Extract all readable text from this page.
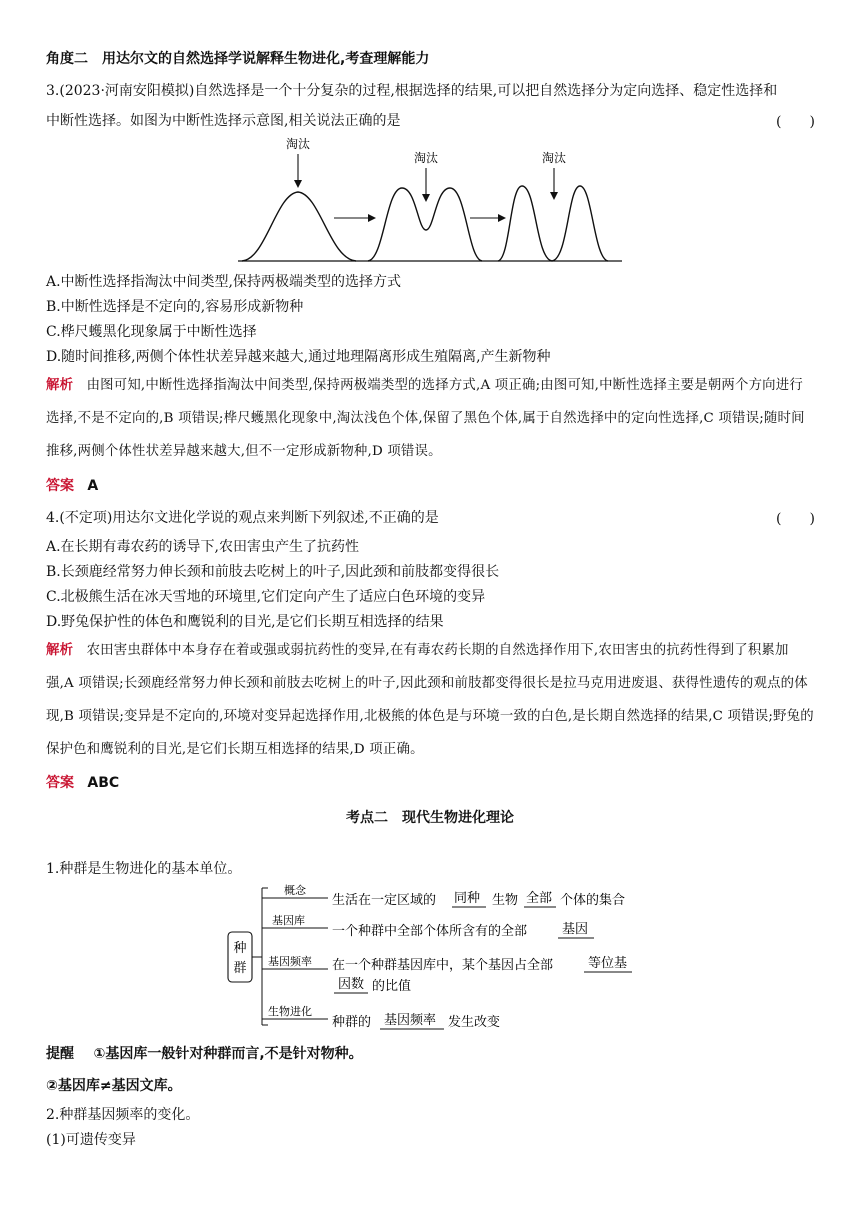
角度二　用达尔文的自然选择学说解释生物进化,考查理解能力
3.(2023·河南安阳模拟)自然选择是一个十分复杂的过程,根据选择的结果,可以把自然选择分为定向选择、稳定性选择和
中断性选择。如图为中断性选择示意图,相关说法正确的是	(　　)
淘汰
淘汰	淘汰
A.中断性选择指淘汰中间类型,保持两极端类型的选择方式
B.中断性选择是不定向的,容易形成新物种
C.桦尺蠖黑化现象属于中断性选择
D.随时间推移,两侧个体性状差异越来越大,通过地理隔离形成生殖隔离,产生新物种
解析 由图可知,中断性选择指淘汰中间类型,保持两极端类型的选择方式,A 项正确;由图可知,中断性选择主要是朝两个方向进行选择,不是不定向的,B 项错误;桦尺蠖黑化现象中,淘汰浅色个体,保留了黑色个体,属于自然选择中的定向性选择,C 项错误;随时间推移,两侧个体性状差异越来越大,但不一定形成新物种,D 项错误。
答案 A
4.(不定项)用达尔文进化学说的观点来判断下列叙述,不正确的是	(　　)
A.在长期有毒农药的诱导下,农田害虫产生了抗药性
B.长颈鹿经常努力伸长颈和前肢去吃树上的叶子,因此颈和前肢都变得很长
C.北极熊生活在冰天雪地的环境里,它们定向产生了适应白色环境的变异
D.野兔保护性的体色和鹰锐利的目光,是它们长期互相选择的结果
解析 农田害虫群体中本身存在着或强或弱抗药性的变异,在有毒农药长期的自然选择作用下,农田害虫的抗药性得到了积累加强,A 项错误;长颈鹿经常努力伸长颈和前肢去吃树上的叶子,因此颈和前肢都变得很长是拉马克用进废退、获得性遗传的观点的体现,B 项错误;变异是不定向的,环境对变异起选择作用,北极熊的体色是与环境一致的白色,是长期自然选择的结果,C 项错误;野兔的保护色和鹰锐利的目光,是它们长期互相选择的结果,D 项正确。
答案 ABC
考点二　现代生物进化理论
1.种群是生物进化的基本单位。
种
群
概念
基因库
基因频率
生物进化
生活在一定区域的 同种 生物 全部 个体的集合
一个种群中全部个体所含有的全部	基因
在一个种群基因库中，某个基因占全部	等位基
因数 的比值
种群的 基因频率 发生改变
提醒 ①基因库一般针对种群而言,不是针对物种。
②基因库≠基因文库。
2.种群基因频率的变化。
(1)可遗传变异
